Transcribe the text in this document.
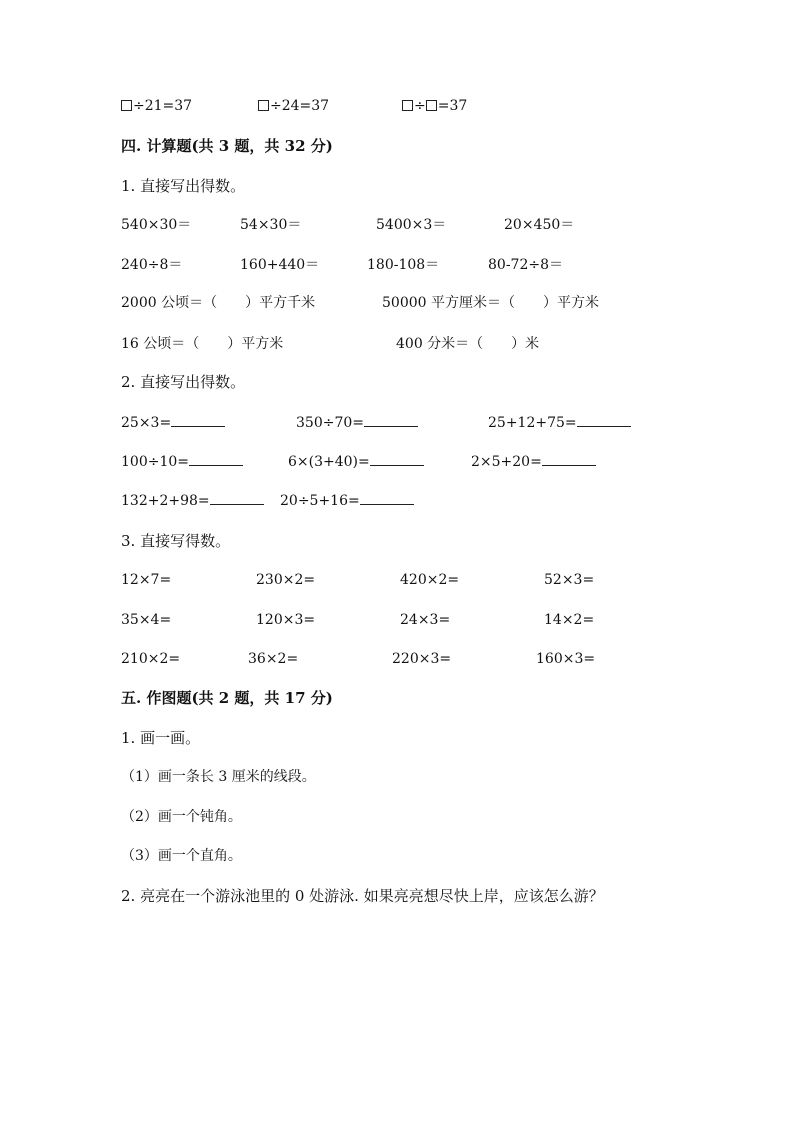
÷21=37	÷24=37	÷ =37
四. 计算题(共 3 题，共 32 分)
1. 直接写出得数。
540×30＝	54×30＝	5400×3＝	20×450＝
240÷8＝	160+440＝	180-108＝	80-72÷8＝
2000 公顷＝（　　）平方千米	50000 平方厘米＝（　　）平方米
16 公顷＝（　　）平方米	400 分米＝（　　）米
2. 直接写出得数。
25×3=	350÷70=	25+12+75=
100÷10=	6×(3+40)=	2×5+20=
132+2+98=	20÷5+16=
3. 直接写得数。
12×7=	230×2=	420×2=	52×3=
35×4=	120×3=	24×3=	14×2=
210×2=	36×2=	220×3=	160×3=
五. 作图题(共 2 题，共 17 分)
1. 画一画。
（1）画一条长 3 厘米的线段。
（2）画一个钝角。
（3）画一个直角。
2. 亮亮在一个游泳池里的 0 处游泳. 如果亮亮想尽快上岸，应该怎么游？
